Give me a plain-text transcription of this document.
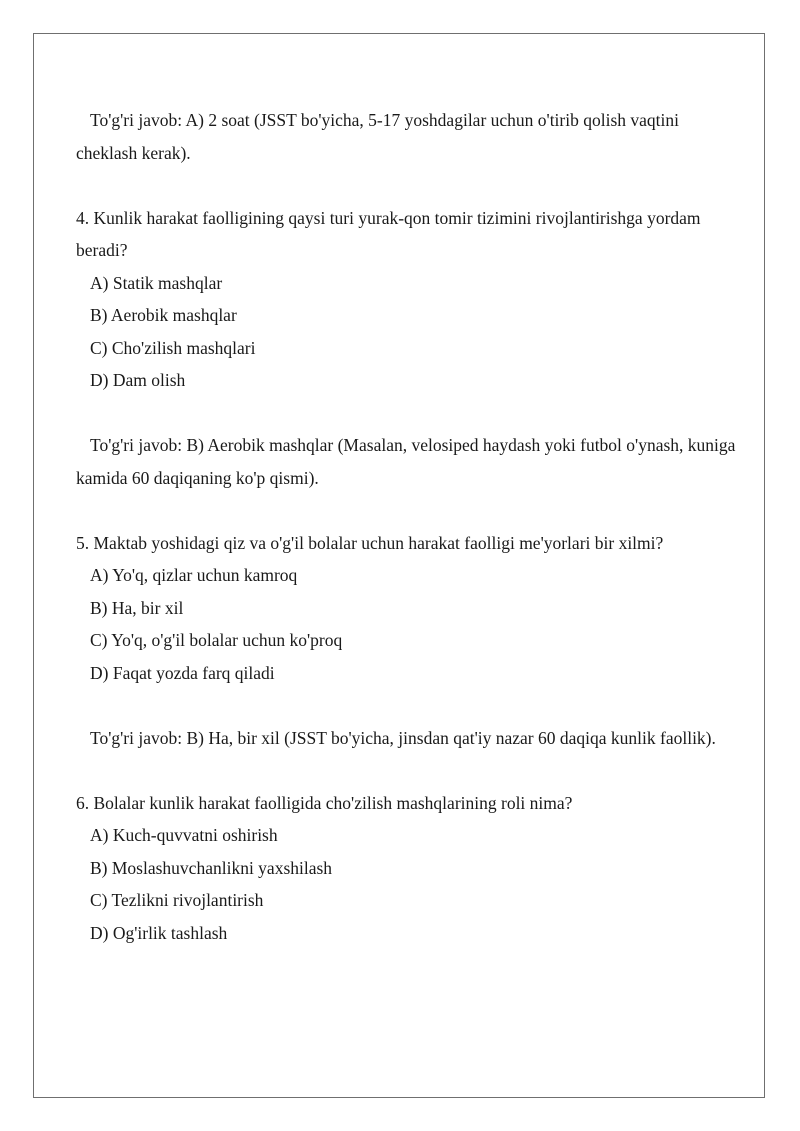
To'g'ri javob: A) 2 soat (JSST bo'yicha, 5-17 yoshdagilar uchun o'tirib qolish vaqtini cheklash kerak).

4. Kunlik harakat faolligining qaysi turi yurak-qon tomir tizimini rivojlantirishga yordam beradi?

A) Statik mashqlar

B) Aerobik mashqlar

C) Cho'zilish mashqlari

D) Dam olish

To'g'ri javob: B) Aerobik mashqlar (Masalan, velosiped haydash yoki futbol o'ynash, kuniga kamida 60 daqiqaning ko'p qismi).

5. Maktab yoshidagi qiz va o'g'il bolalar uchun harakat faolligi me'yorlari bir xilmi?

A) Yo'q, qizlar uchun kamroq

B) Ha, bir xil

C) Yo'q, o'g'il bolalar uchun ko'proq

D) Faqat yozda farq qiladi

To'g'ri javob: B) Ha, bir xil (JSST bo'yicha, jinsdan qat'iy nazar 60 daqiqa kunlik faollik).

6. Bolalar kunlik harakat faolligida cho'zilish mashqlarining roli nima?

A) Kuch-quvvatni oshirish

B) Moslashuvchanlikni yaxshilash

C) Tezlikni rivojlantirish

D) Og'irlik tashlash
